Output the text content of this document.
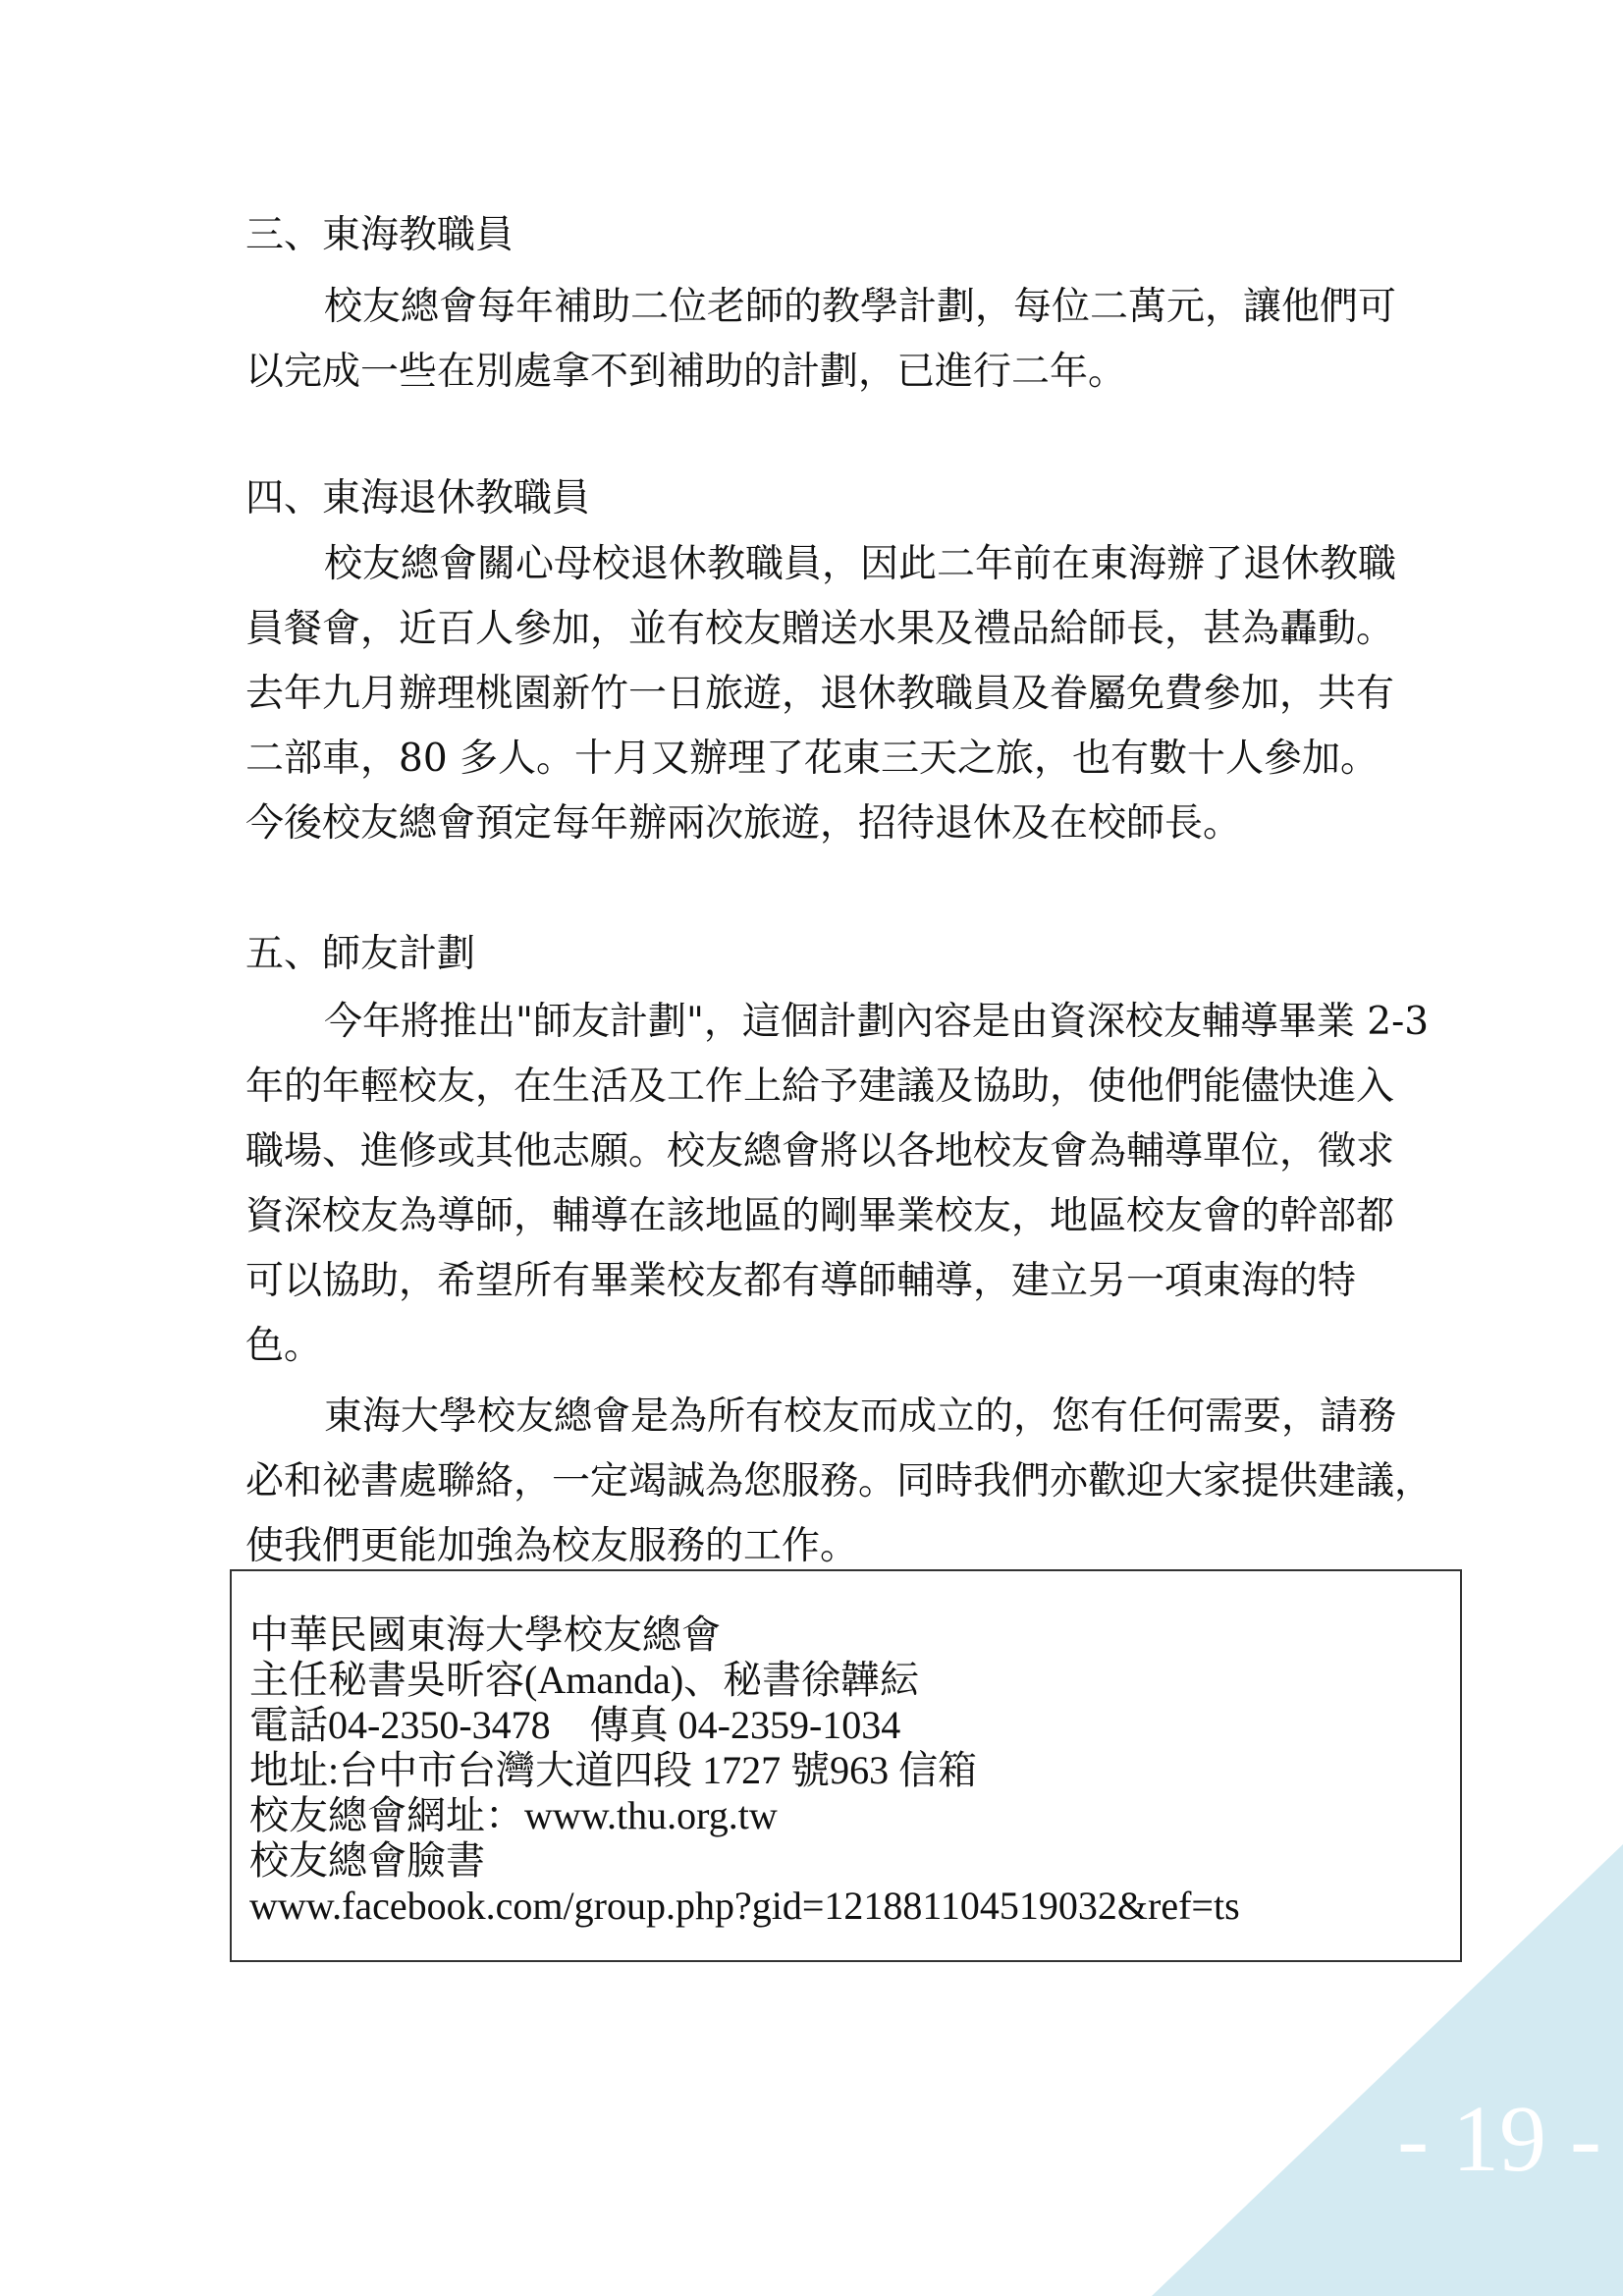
三、東海教職員

校友總會每年補助二位老師的教學計劃，每位二萬元，讓他們可
以完成一些在別處拿不到補助的計劃，已進行二年。

四、東海退休教職員

校友總會關心母校退休教職員，因此二年前在東海辦了退休教職
員餐會，近百人參加，並有校友贈送水果及禮品給師長，甚為轟動。
去年九月辦理桃園新竹一日旅遊，退休教職員及眷屬免費參加，共有
二部車，80 多人。十月又辦理了花東三天之旅，也有數十人參加。
今後校友總會預定每年辦兩次旅遊，招待退休及在校師長。

五、師友計劃

今年將推出"師友計劃"，這個計劃內容是由資深校友輔導畢業 2-3
年的年輕校友，在生活及工作上給予建議及協助，使他們能儘快進入
職場、進修或其他志願。校友總會將以各地校友會為輔導單位，徵求
資深校友為導師，輔導在該地區的剛畢業校友，地區校友會的幹部都
可以協助，希望所有畢業校友都有導師輔導，建立另一項東海的特
色。

東海大學校友總會是為所有校友而成立的，您有任何需要，請務
必和祕書處聯絡，一定竭誠為您服務。同時我們亦歡迎大家提供建議，
使我們更能加強為校友服務的工作。

中華民國東海大學校友總會
主任秘書吳昕容(Amanda)、秘書徐韡紜
電話04-2350-3478　傳真 04-2359-1034
地址:台中市台灣大道四段 1727 號963 信箱
校友總會網址：www.thu.org.tw
校友總會臉書
www.facebook.com/group.php?gid=121881104519032&ref=ts
- 19 -
